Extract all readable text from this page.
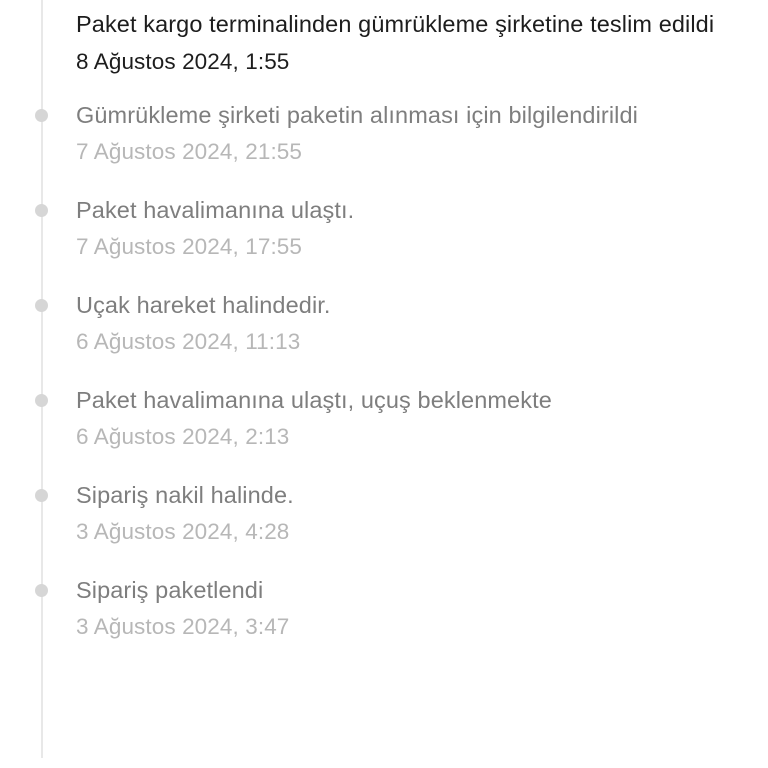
Paket kargo terminalinden gümrükleme şirketine teslim edildi

8 Ağustos 2024, 1:55

Gümrükleme şirketi paketin alınması için bilgilendirildi

7 Ağustos 2024, 21:55

Paket havalimanına ulaştı.

7 Ağustos 2024, 17:55

Uçak hareket halindedir.

6 Ağustos 2024, 11:13

Paket havalimanına ulaştı, uçuş beklenmekte

6 Ağustos 2024, 2:13

Sipariş nakil halinde.

3 Ağustos 2024, 4:28

Sipariş paketlendi

3 Ağustos 2024, 3:47
